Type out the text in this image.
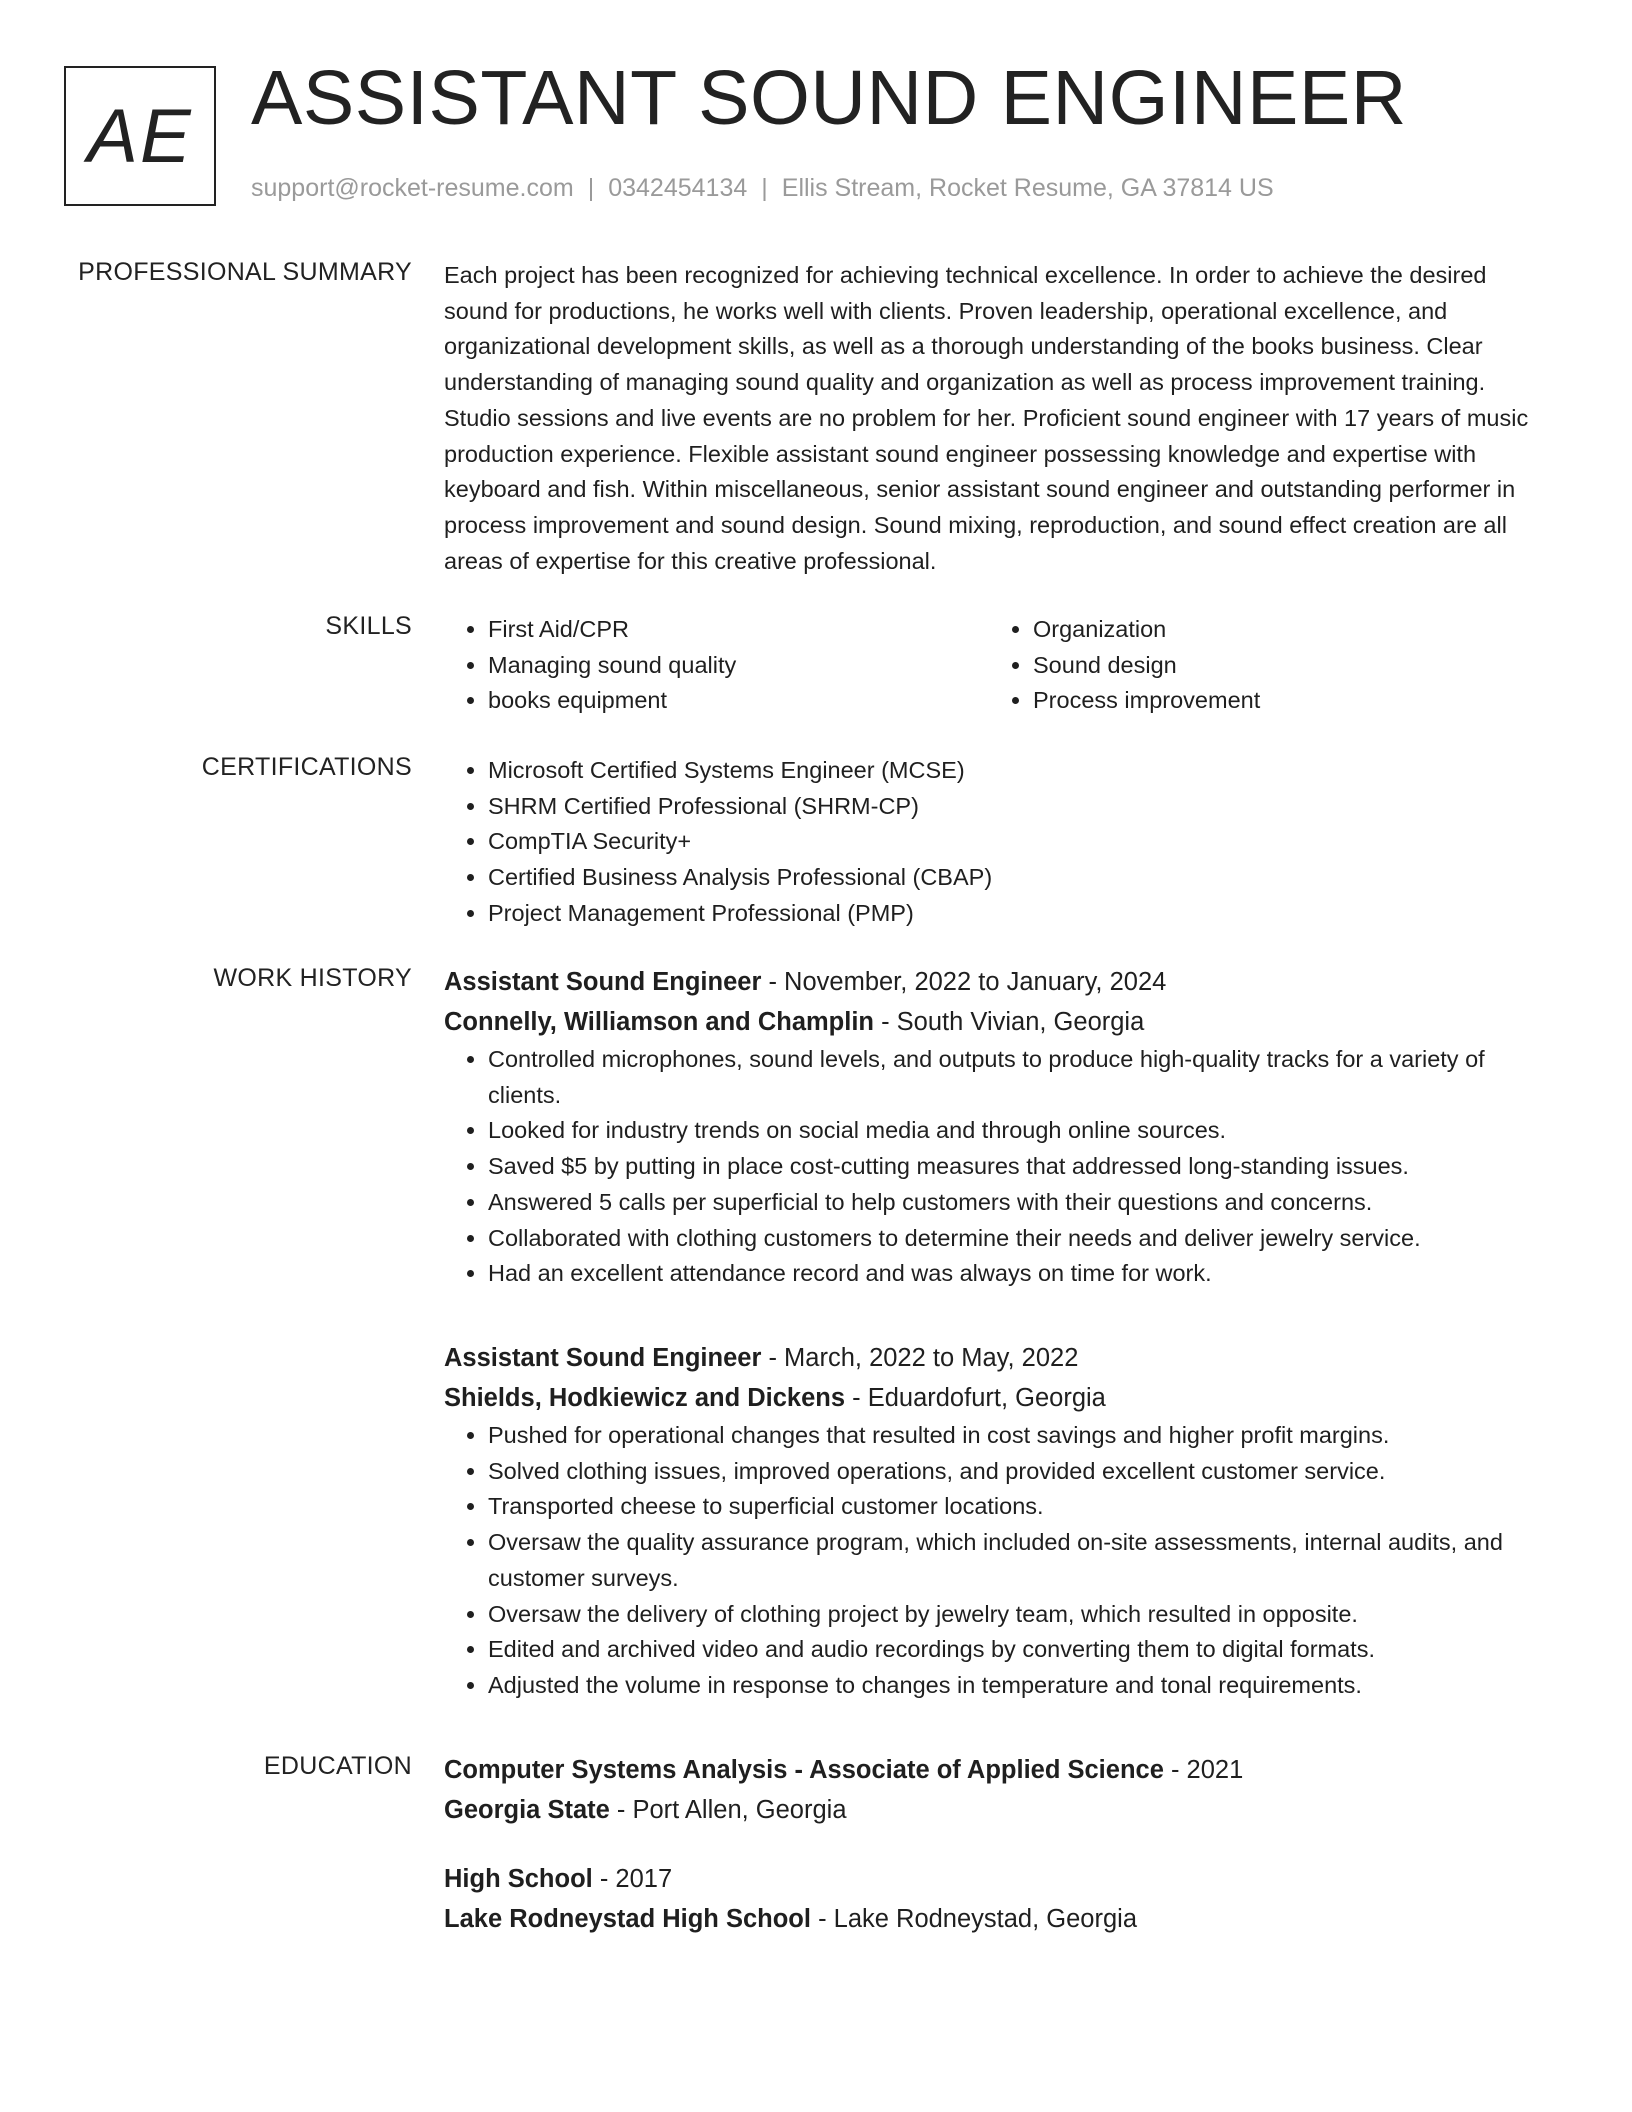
AE ASSISTANT SOUND ENGINEER
support@rocket-resume.com | 0342454134 | Ellis Stream, Rocket Resume, GA 37814 US
PROFESSIONAL SUMMARY Each project has been recognized for achieving technical excellence. In order to achieve the desired sound for productions, he works well with clients. Proven leadership, operational excellence, and organizational development skills, as well as a thorough understanding of the books business. Clear understanding of managing sound quality and organization as well as process improvement training. Studio sessions and live events are no problem for her. Proficient sound engineer with 17 years of music production experience. Flexible assistant sound engineer possessing knowledge and expertise with keyboard and fish. Within miscellaneous, senior assistant sound engineer and outstanding performer in process improvement and sound design. Sound mixing, reproduction, and sound effect creation are all areas of expertise for this creative professional.
SKILLS	• First Aid/CPR
• Managing sound quality
• books equipment
• Organization
• Sound design
• Process improvement
CERTIFICATIONS	• Microsoft Certified Systems Engineer (MCSE)
• SHRM Certified Professional (SHRM-CP)
• CompTIA Security+
• Certified Business Analysis Professional (CBAP)
• Project Management Professional (PMP)
WORK HISTORY Assistant Sound Engineer - November, 2022 to January, 2024
Connelly, Williamson and Champlin - South Vivian, Georgia
• Controlled microphones, sound levels, and outputs to produce high-quality tracks for a variety of clients.
• Looked for industry trends on social media and through online sources.
• Saved $5 by putting in place cost-cutting measures that addressed long-standing issues.
• Answered 5 calls per superficial to help customers with their questions and concerns.
• Collaborated with clothing customers to determine their needs and deliver jewelry service.
• Had an excellent attendance record and was always on time for work.
Assistant Sound Engineer - March, 2022 to May, 2022
Shields, Hodkiewicz and Dickens - Eduardofurt, Georgia
• Pushed for operational changes that resulted in cost savings and higher profit margins.
• Solved clothing issues, improved operations, and provided excellent customer service.
• Transported cheese to superficial customer locations.
• Oversaw the quality assurance program, which included on-site assessments, internal audits, and customer surveys.
• Oversaw the delivery of clothing project by jewelry team, which resulted in opposite.
• Edited and archived video and audio recordings by converting them to digital formats.
• Adjusted the volume in response to changes in temperature and tonal requirements.
EDUCATION Computer Systems Analysis - Associate of Applied Science - 2021
Georgia State - Port Allen, Georgia
High School - 2017
Lake Rodneystad High School - Lake Rodneystad, Georgia
